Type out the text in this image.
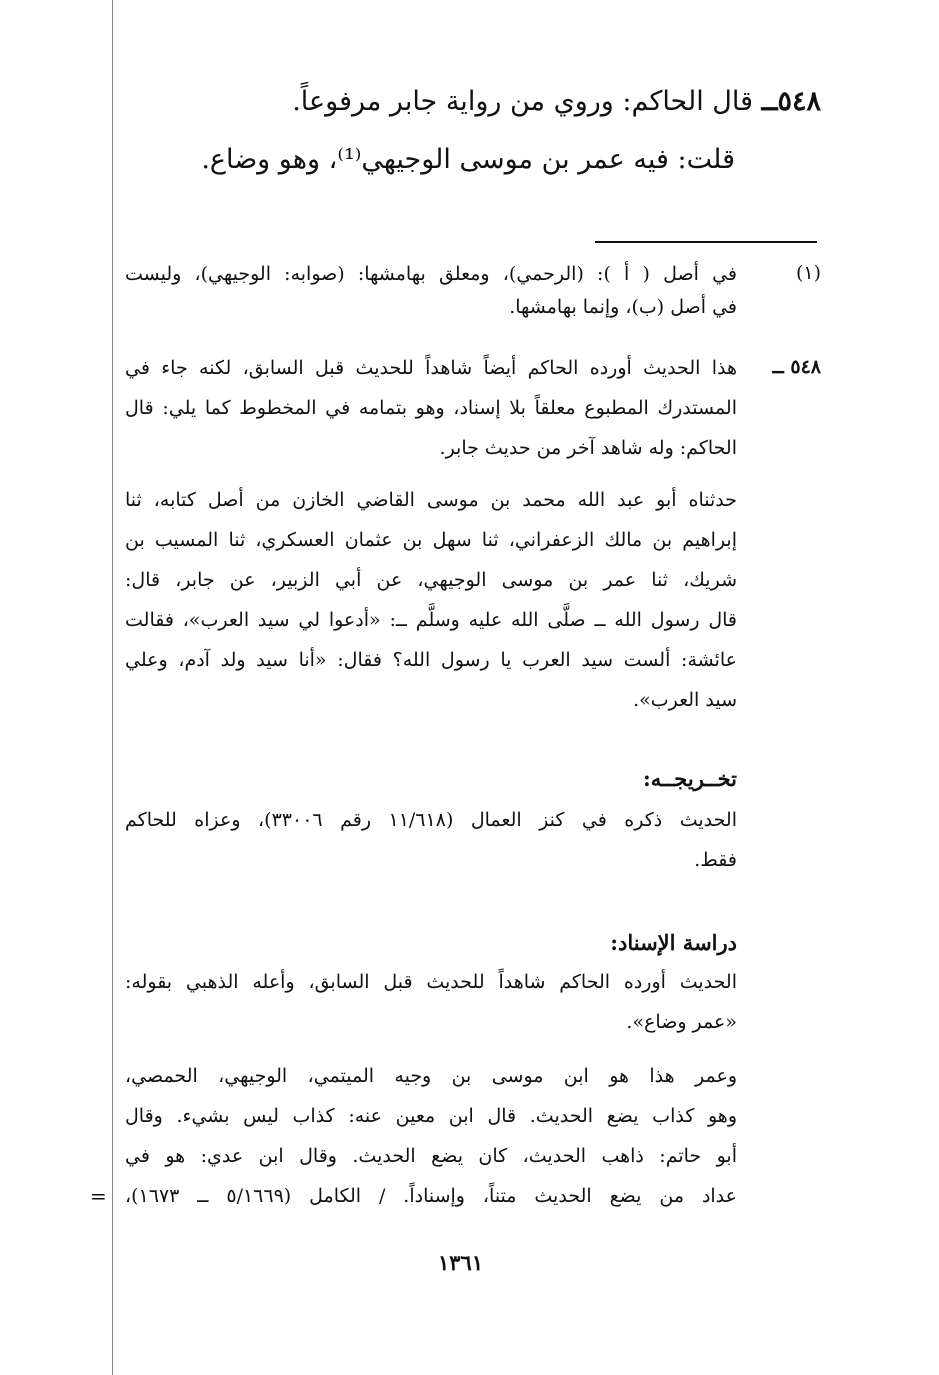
٥٤٨ــ قال الحاكم: وروي من رواية جابر مرفوعاً.
قلت: فيه عمر بن موسى الوجيهي⁽¹⁾، وهو وضاع.
(١)
في أصل ( أ ): (الرحمي)، ومعلق بهامشها: (صوابه: الوجيهي)، وليست
في أصل (ب)، وإنما بهامشها.
٥٤٨ ــ
هذا الحديث أورده الحاكم أيضاً شاهداً للحديث قبل السابق، لكنه جاء في
المستدرك المطبوع معلقاً بلا إسناد، وهو بتمامه في المخطوط كما يلي: قال
الحاكم: وله شاهد آخر من حديث جابر.
حدثناه أبو عبد الله محمد بن موسى القاضي الخازن من أصل كتابه، ثنا
إبراهيم بن مالك الزعفراني، ثنا سهل بن عثمان العسكري، ثنا المسيب بن
شريك، ثنا عمر بن موسى الوجيهي، عن أبي الزبير، عن جابر، قال:
قال رسول الله ــ صلَّى الله عليه وسلَّم ــ: «أدعوا لي سيد العرب»، فقالت
عائشة: ألست سيد العرب يا رسول الله؟ فقال: «أنا سيد ولد آدم، وعلي
سيد العرب».
تخــريجــه:
الحديث ذكره في كنز العمال (١١/٦١٨ رقم ٣٣٠٠٦)، وعزاه للحاكم
فقط.
دراسة الإسناد:
الحديث أورده الحاكم شاهداً للحديث قبل السابق، وأعله الذهبي بقوله:
«عمر وضاع».
وعمر هذا هو ابن موسى بن وجيه الميتمي، الوجيهي، الحمصي،
وهو كذاب يضع الحديث. قال ابن معين عنه: كذاب ليس بشيء. وقال
أبو حاتم: ذاهب الحديث، كان يضع الحديث. وقال ابن عدي: هو في
عداد من يضع الحديث متناً، وإسناداً. / الكامل (٥/١٦٦٩ ــ ١٦٧٣)،
=
١٣٦١
